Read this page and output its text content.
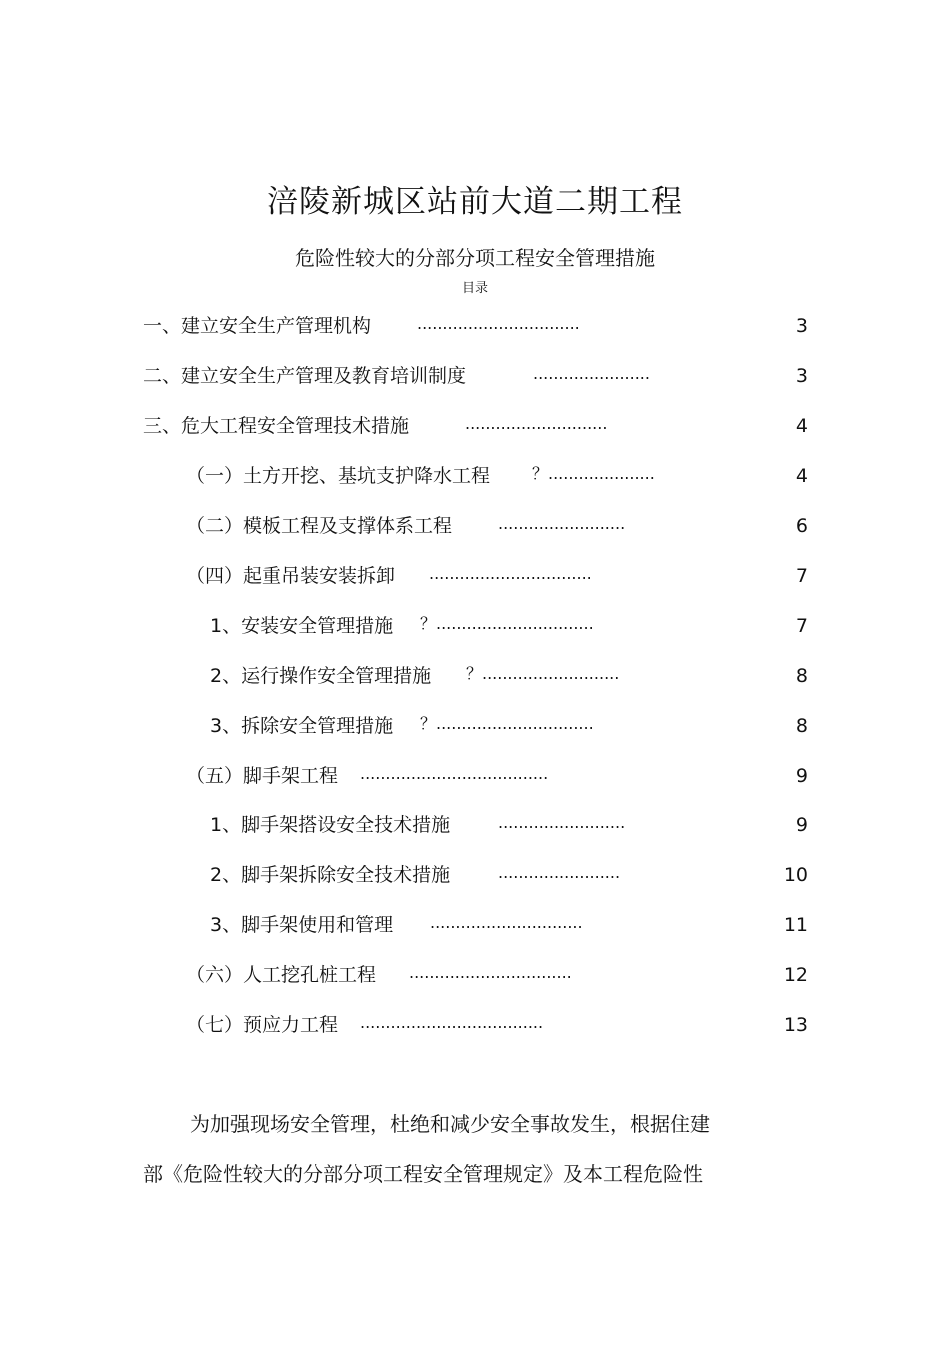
涪陵新城区站前大道二期工程
危险性较大的分部分项工程安全管理措施
目录
一、建立安全生产管理机构	................................	3
二、建立安全生产管理及教育培训制度	.......................	3
三、危大工程安全管理技术措施	............................	4
（一）土方开挖、基坑支护降水工程	？.....................	4
（二）模板工程及支撑体系工程	.........................	6
（四）起重吊装安装拆卸 ................................	7
1、安装安全管理措施 ？...............................	7
2、运行操作安全管理措施 ？...........................	8
3、拆除安全管理措施 ？...............................	8
（五）脚手架工程 .....................................	9
1、脚手架搭设安全技术措施	.........................	9
2、脚手架拆除安全技术措施	........................	10
3、脚手架使用和管理 ..............................	11
（六）人工挖孔桩工程 ................................	12
（七）预应力工程 ....................................	13
为加强现场安全管理，杜绝和减少安全事故发生，根据住建
部《危险性较大的分部分项工程安全管理规定》及本工程危险性
